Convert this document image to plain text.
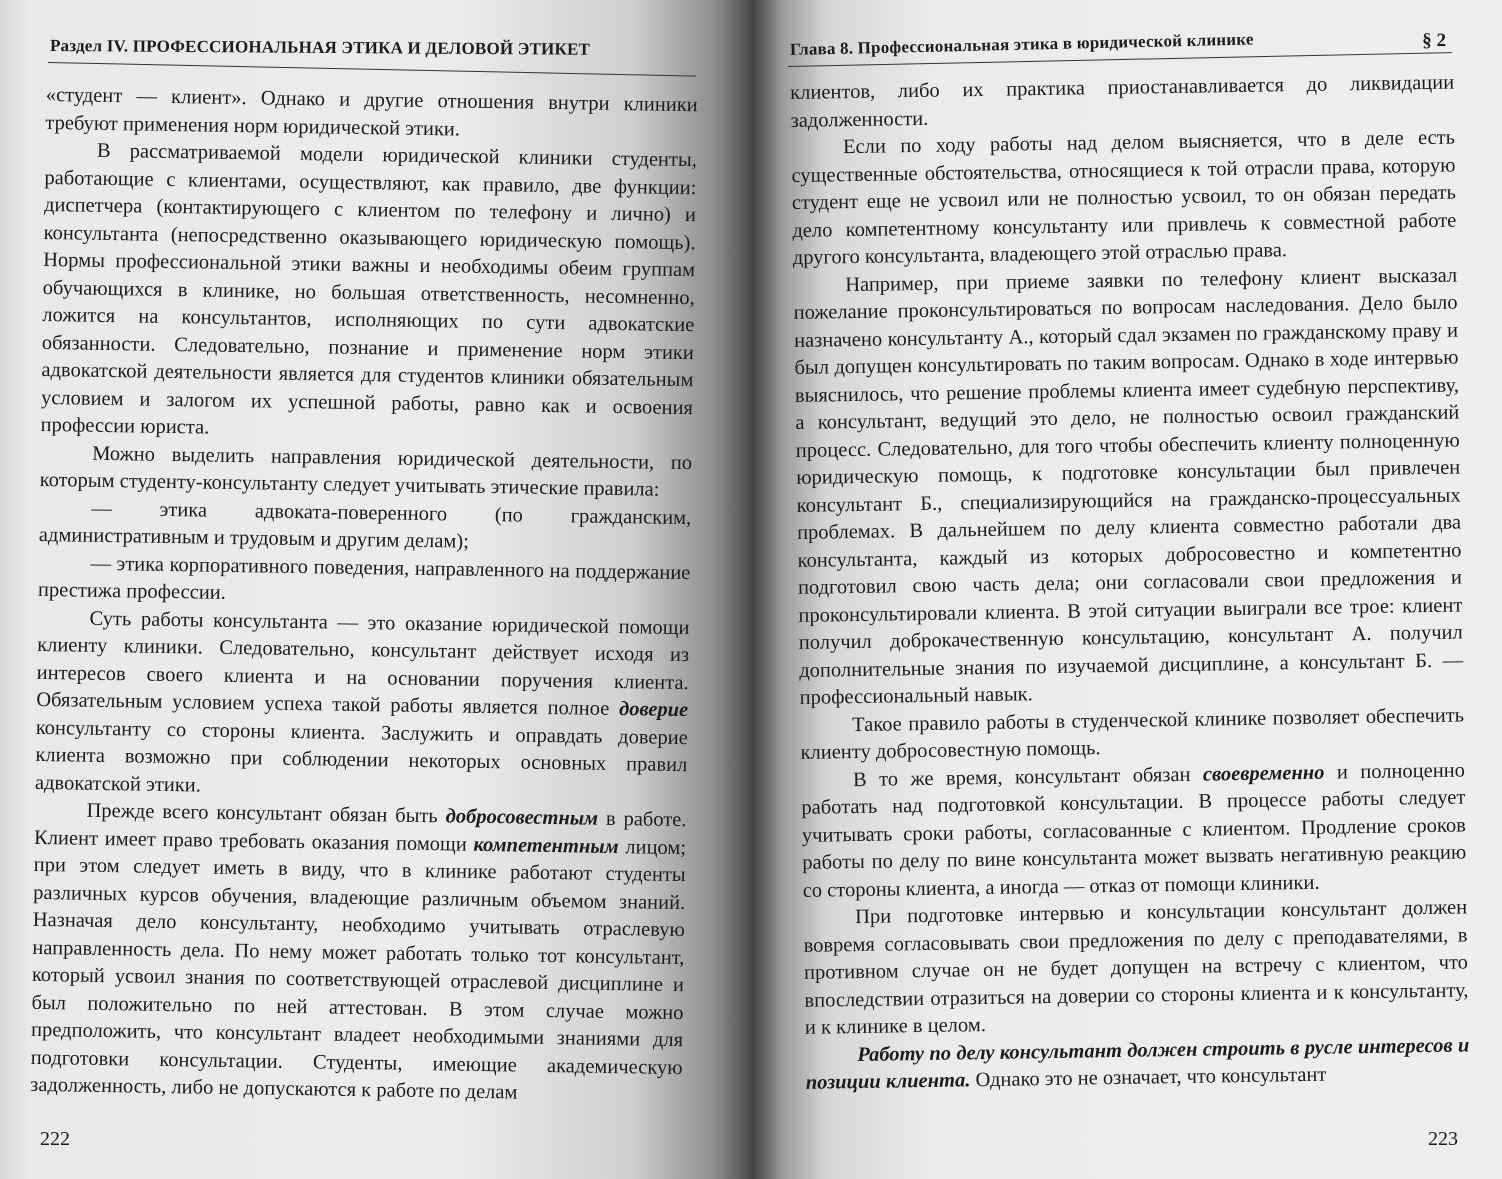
Раздел IV. ПРОФЕССИОНАЛЬНАЯ ЭТИКА И ДЕЛОВОЙ ЭТИКЕТ

«студент — клиент». Однако и другие отношения внутри клиники требуют применения норм юридической этики.

В рассматриваемой модели юридической клиники студенты, работающие с клиентами, осуществляют, как правило, две функции: диспетчера (контактирующего с клиентом по телефону и лично) и консультанта (непосредственно оказывающего юридическую помощь). Нормы профессиональной этики важны и необходимы обеим группам обучающихся в клинике, но большая ответственность, несомненно, ложится на консультантов, исполняющих по сути адвокатские обязанности. Следовательно, познание и применение норм этики адвокатской деятельности является для студентов клиники обязательным условием и залогом их успешной работы, равно как и освоения профессии юриста.

Можно выделить направления юридической деятельности, по которым студенту-консультанту следует учитывать этические правила:

— этика адвоката-поверенного (по гражданским, административным и трудовым и другим делам);

— этика корпоративного поведения, направленного на поддержание престижа профессии.

Суть работы консультанта — это оказание юридической помощи клиенту клиники. Следовательно, консультант действует исходя из интересов своего клиента и на основании поручения клиента. Обязательным условием успеха такой работы является полное доверие консультанту со стороны клиента. Заслужить и оправдать доверие клиента возможно при соблюдении некоторых основных правил адвокатской этики.

Прежде всего консультант обязан быть добросовестным в работе. Клиент имеет право требовать оказания помощи компетентным лицом; при этом следует иметь в виду, что в клинике работают студенты различных курсов обучения, владеющие различным объемом знаний. Назначая дело консультанту, необходимо учитывать отраслевую направленность дела. По нему может работать только тот консультант, который усвоил знания по соответствующей отраслевой дисциплине и был положительно по ней аттестован. В этом случае можно предположить, что консультант владеет необходимыми знаниями для подготовки консультации. Студенты, имеющие академическую задолженность, либо не допускаются к работе по делам

222
Глава 8. Профессиональная этика в юридической клинике	§ 2

клиентов, либо их практика приостанавливается до ликвидации задолженности.

Если по ходу работы над делом выясняется, что в деле есть существенные обстоятельства, относящиеся к той отрасли права, которую студент еще не усвоил или не полностью усвоил, то он обязан передать дело компетентному консультанту или привлечь к совместной работе другого консультанта, владеющего этой отраслью права.

Например, при приеме заявки по телефону клиент высказал пожелание проконсультироваться по вопросам наследования. Дело было назначено консультанту А., который сдал экзамен по гражданскому праву и был допущен консультировать по таким вопросам. Однако в ходе интервью выяснилось, что решение проблемы клиента имеет судебную перспективу, а консультант, ведущий это дело, не полностью освоил гражданский процесс. Следовательно, для того чтобы обеспечить клиенту полноценную юридическую помощь, к подготовке консультации был привлечен консультант Б., специализирующийся на гражданско-процессуальных проблемах. В дальнейшем по делу клиента совместно работали два консультанта, каждый из которых добросовестно и компетентно подготовил свою часть дела; они согласовали свои предложения и проконсультировали клиента. В этой ситуации выиграли все трое: клиент получил доброкачественную консультацию, консультант А. получил дополнительные знания по изучаемой дисциплине, а консультант Б. — профессиональный навык.

Такое правило работы в студенческой клинике позволяет обеспечить клиенту добросовестную помощь.

В то же время, консультант обязан своевременно и полноценно работать над подготовкой консультации. В процессе работы следует учитывать сроки работы, согласованные с клиентом. Продление сроков работы по делу по вине консультанта может вызвать негативную реакцию со стороны клиента, а иногда — отказ от помощи клиники.

При подготовке интервью и консультации консультант должен вовремя согласовывать свои предложения по делу с преподавателями, в противном случае он не будет допущен на встречу с клиентом, что впоследствии отразиться на доверии со стороны клиента и к консультанту, и к клинике в целом.

Работу по делу консультант должен строить в русле интересов и позиции клиента. Однако это не означает, что консультант

223
